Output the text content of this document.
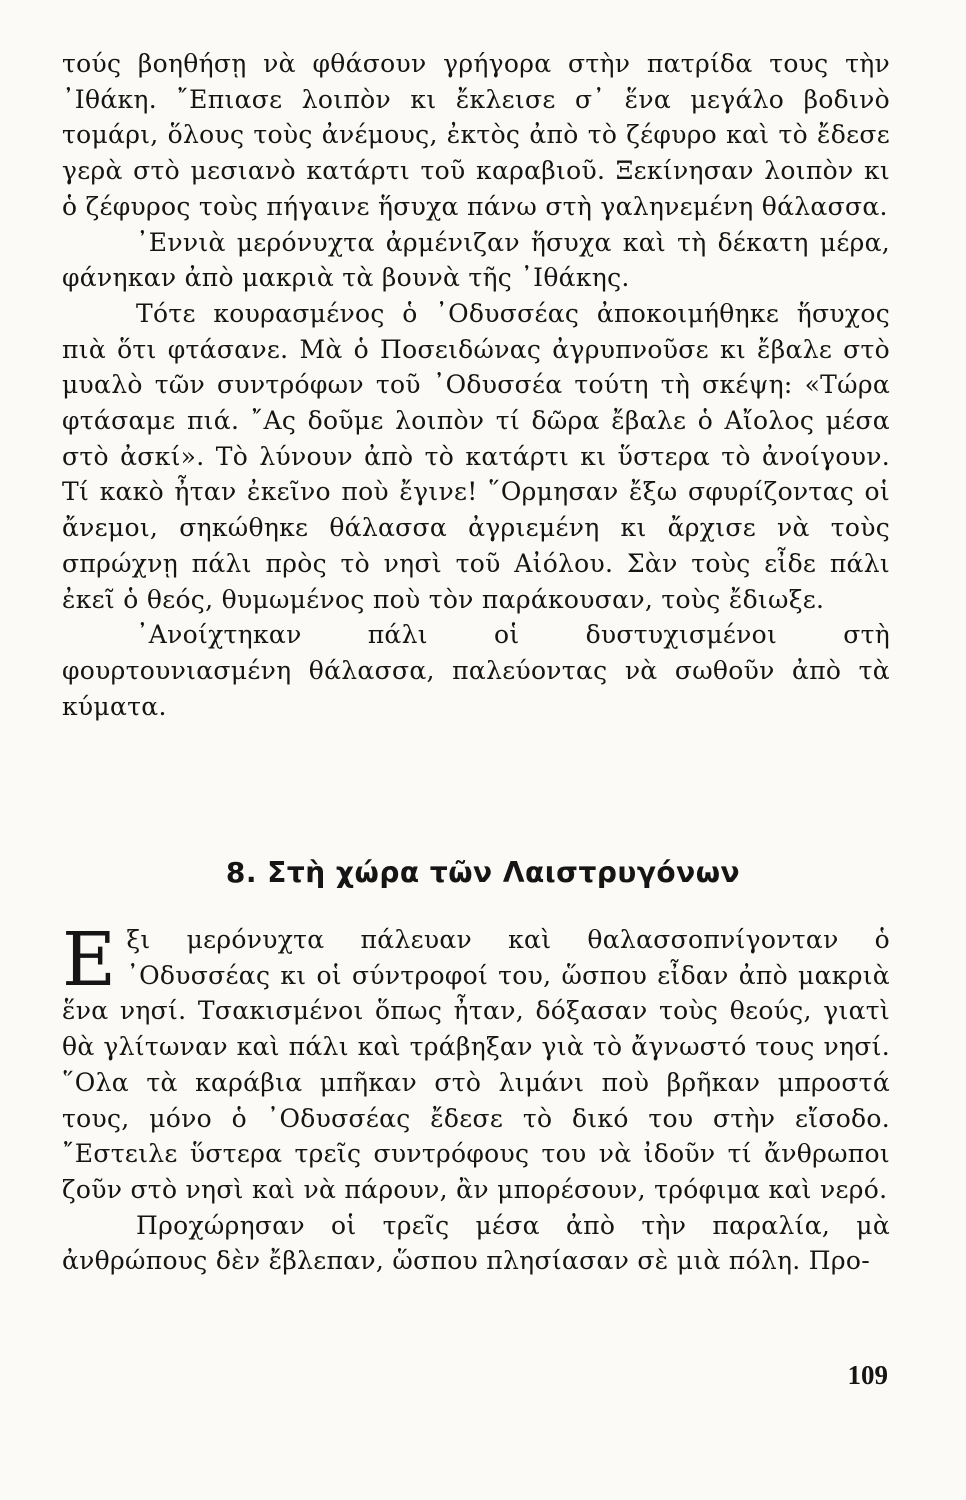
τούς βοηθήσῃ νὰ φθάσουν γρήγορα στὴν πατρίδα τους τὴν ᾿Ιθάκη. ῎Επιασε λοιπὸν κι ἔκλεισε σ᾿ ἕνα μεγάλο βοδινὸ τομάρι, ὅλους τοὺς ἀνέμους, ἐκτὸς ἀπὸ τὸ ζέφυρο καὶ τὸ ἔδεσε γερὰ στὸ μεσιανὸ κατάρτι τοῦ καραβιοῦ. Ξεκίνησαν λοιπὸν κι ὁ ζέφυρος τοὺς πήγαινε ἥσυχα πάνω στὴ γαληνεμένη θάλασσα.

᾿Εννιὰ μερόνυχτα ἀρμένιζαν ἥσυχα καὶ τὴ δέκατη μέρα, φάνηκαν ἀπὸ μακριὰ τὰ βουνὰ τῆς ᾿Ιθάκης.

Τότε κουρασμένος ὁ ᾿Οδυσσέας ἀποκοιμήθηκε ἥσυχος πιὰ ὅτι φτάσανε. Μὰ ὁ Ποσειδώνας ἀγρυπνοῦσε κι ἔβαλε στὸ μυαλὸ τῶν συντρόφων τοῦ ᾿Οδυσσέα τούτη τὴ σκέψη: «Τώρα φτάσαμε πιά. ῎Ας δοῦμε λοιπὸν τί δῶρα ἔβαλε ὁ Αἴολος μέσα στὸ ἀσκί». Τὸ λύνουν ἀπὸ τὸ κατάρτι κι ὕστερα τὸ ἀνοίγουν. Τί κακὸ ἦταν ἐκεῖνο ποὺ ἔγινε! ῞Ορμησαν ἔξω σφυρίζοντας οἱ ἄνεμοι, σηκώθηκε θάλασσα ἀγριεμένη κι ἄρχισε νὰ τοὺς σπρώχνῃ πάλι πρὸς τὸ νησὶ τοῦ Αἰόλου. Σὰν τοὺς εἶδε πάλι ἐκεῖ ὁ θεός, θυμωμένος ποὺ τὸν παράκουσαν, τοὺς ἔδιωξε.

᾿Ανοίχτηκαν πάλι οἱ δυστυχισμένοι στὴ φουρτουνιασμένη θάλασσα, παλεύοντας νὰ σωθοῦν ἀπὸ τὰ κύματα.

8. Στὴ χώρα τῶν Λαιστρυγόνων

Εξι μερόνυχτα πάλευαν καὶ θαλασσοπνίγονταν ὁ ᾿Οδυσσέας κι οἱ σύντροφοί του, ὥσπου εἶδαν ἀπὸ μακριὰ ἕνα νησί. Τσακισμένοι ὅπως ἦταν, δόξασαν τοὺς θεούς, γιατὶ θὰ γλίτωναν καὶ πάλι καὶ τράβηξαν γιὰ τὸ ἄγνωστό τους νησί. ῞Ολα τὰ καράβια μπῆκαν στὸ λιμάνι ποὺ βρῆκαν μπροστά τους, μόνο ὁ ᾿Οδυσσέας ἔδεσε τὸ δικό του στὴν εἴσοδο. ῎Εστειλε ὕστερα τρεῖς συντρόφους του νὰ ἰδοῦν τί ἄνθρωποι ζοῦν στὸ νησὶ καὶ νὰ πάρουν, ἂν μπορέσουν, τρόφιμα καὶ νερό.

Προχώρησαν οἱ τρεῖς μέσα ἀπὸ τὴν παραλία, μὰ ἀνθρώπους δὲν ἔβλεπαν, ὥσπου πλησίασαν σὲ μιὰ πόλη. Προ-

109
